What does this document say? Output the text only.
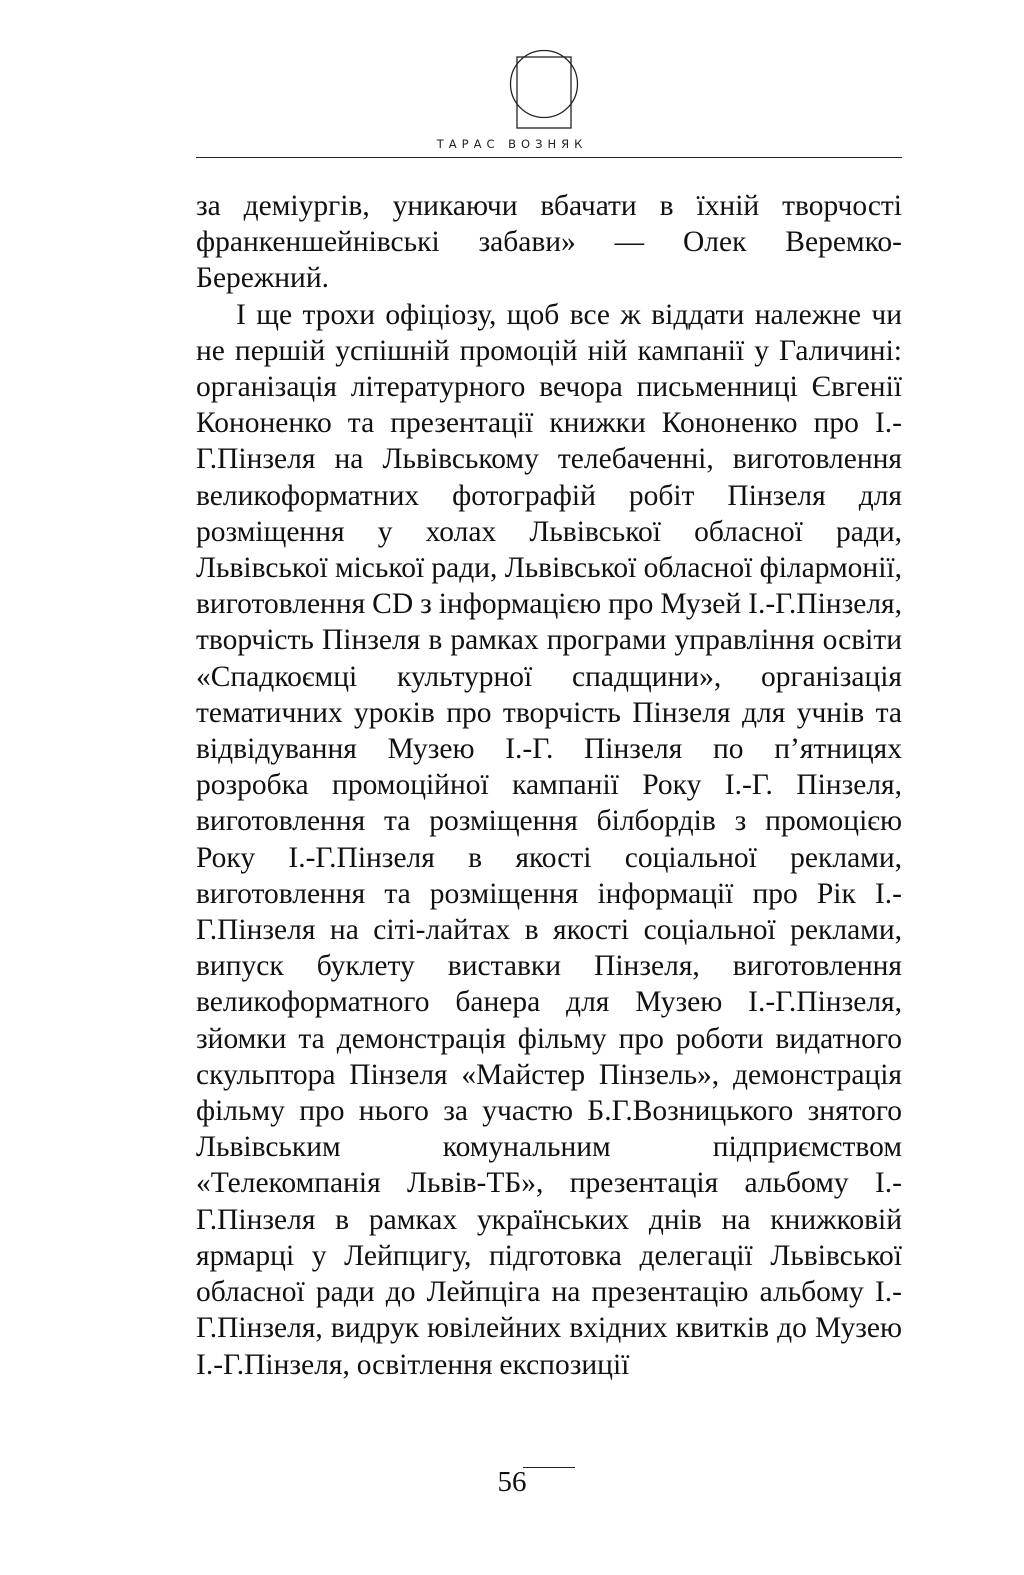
ТАРАС ВОЗНЯК

за деміургів, уникаючи вбачати в їхній творчості франкеншейнівські забави» — Олек Веремко-Бережний.

І ще трохи офіціозу, щоб все ж віддати належне чи не першій успішній промоцій ній кампанії у Галичині: організація літературного вечора письменниці Євгенії Кононенко та презентації книжки Кононенко про І.-Г.Пінзеля на Львівському телебаченні, виготовлення великоформатних фотографій робіт Пінзеля для розміщення у холах Львівської обласної ради, Львівської міської ради, Львівської обласної філармонії, виготовлення CD з інформацією про Музей І.-Г.Пінзеля, творчість Пінзеля в рамках програми управління освіти «Спадкоємці культурної спадщини», організація тематичних уроків про творчість Пінзеля для учнів та відвідування Музею І.-Г. Пінзеля по п’ятницях розробка промоційної кампанії Року І.-Г. Пінзеля, виготовлення та розміщення білбордів з промоцією Року І.-Г.Пінзеля в якості соціальної реклами, виготовлення та розміщення інформації про Рік І.-Г.Пінзеля на сіті-лайтах в якості соціальної реклами, випуск буклету виставки Пінзеля, виготовлення великоформатного банера для Музею І.-Г.Пінзеля, зйомки та демонстрація фільму про роботи видатного скульптора Пінзеля «Майстер Пінзель», демонстрація фільму про нього за участю Б.Г.Возницького знятого Львівським комунальним підприємством «Телекомпанія Львів-ТБ», презентація альбому І.-Г.Пінзеля в рамках українських днів на книжковій ярмарці у Лейпцигу, підготовка делегації Львівської обласної ради до Лейпціга на презентацію альбому І.-Г.Пінзеля, видрук ювілейних вхідних квитків до Музею І.-Г.Пінзеля, освітлення експозиції

56
